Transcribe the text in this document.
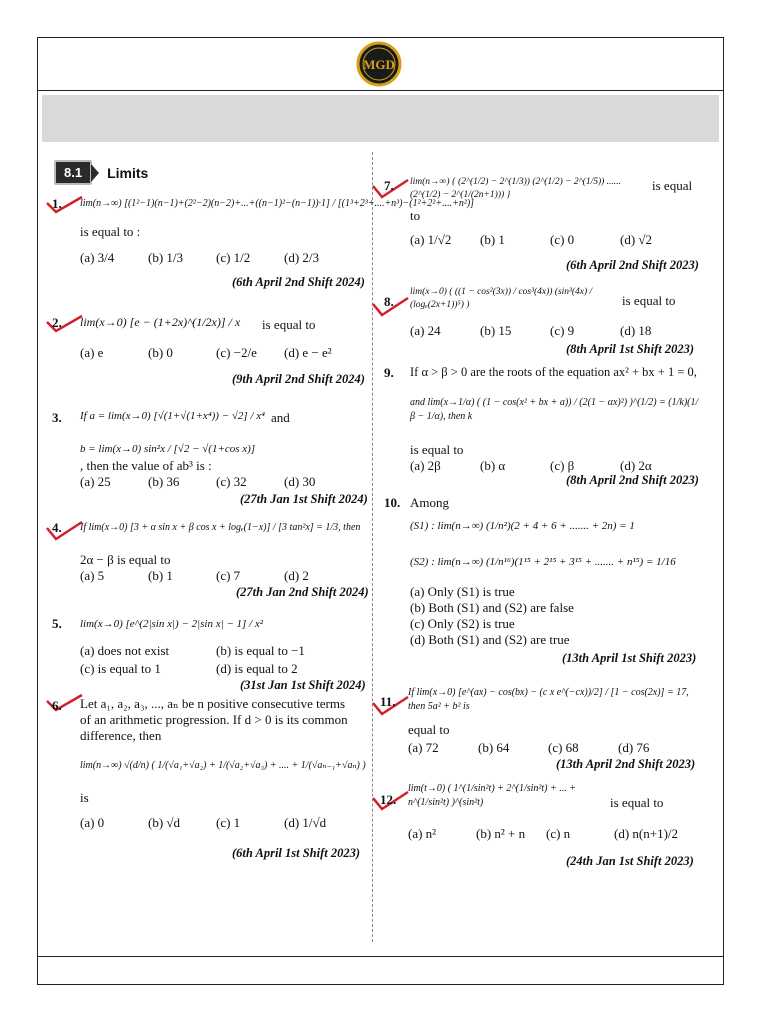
MGD
8.1	Limits
1. lim(n→∞) [(1²−1)(n−1)+(2²−2)(n−2)+...+((n−1)²−(n−1))·1] / [(1³+2³+....+n³)−(1²+2²+....+n²)]
is equal to :
(a) 3/4	(b) 1/3	(c) 1/2	(d) 2/3
(6th April 2nd Shift 2024)
2. lim(x→0) [e − (1+2x)^(1/2x)] / x is equal to
(a) e	(b) 0	(c) −2/e	(d) e − e²
(9th April 2nd Shift 2024)
3. If a = lim(x→0) [√(1+√(1+x⁴)) − √2] / x⁴ and
b = lim(x→0) sin²x / [√2 − √(1+cos x)]
, then the value of ab³ is :
(a) 25	(b) 36	(c) 32	(d) 30
(27th Jan 1st Shift 2024)
4. If lim(x→0) [3 + α sin x + β cos x + logₑ(1−x)] / [3 tan²x] = 1/3, then
2α − β is equal to
(a) 5	(b) 1	(c) 7	(d) 2
(27th Jan 2nd Shift 2024)
5. lim(x→0) [e^(2|sin x|) − 2|sin x| − 1] / x²
(a) does not exist	(b) is equal to −1
(c) is equal to 1	(d) is equal to 2
(31st Jan 1st Shift 2024)
6. Let a₁, a₂, a₃, ..., aₙ be n positive consecutive terms
of an arithmetic progression. If d > 0 is its common
difference, then
lim(n→∞) √(d/n) ( 1/(√a₁+√a₂) + 1/(√a₂+√a₃) + .... + 1/(√aₙ₋₁+√aₙ) )
is
(a) 0	(b) √d	(c) 1	(d) 1/√d
(6th April 1st Shift 2023)
7. lim(n→∞) { (2^(1/2) − 2^(1/3)) (2^(1/2) − 2^(1/5)) ...... (2^(1/2) − 2^(1/(2n+1))) }
is equal
to
(a) 1/√2	(b) 1	(c) 0	(d) √2
(6th April 2nd Shift 2023)
8.
lim(x→0) ( ((1 − cos²(3x)) / cos³(4x)) (sin³(4x) / (logₑ(2x+1))⁵) )	is equal to
(a) 24	(b) 15	(c) 9	(d) 18
(8th April 1st Shift 2023)
9. If α > β > 0 are the roots of the equation ax² + bx + 1 = 0,
and lim(x→1/α) ( (1 − cos(x² + bx + a)) / (2(1 − αx)²) )^(1/2) = (1/k)(1/β − 1/α), then k
is equal to
(a) 2β	(b) α	(c) β	(d) 2α
(8th April 2nd Shift 2023)
10. Among
(S1) : lim(n→∞) (1/n²)(2 + 4 + 6 + ....... + 2n) = 1
(S2) : lim(n→∞) (1/n¹⁶)(1¹⁵ + 2¹⁵ + 3¹⁵ + ....... + n¹⁵) = 1/16
(a) Only (S1) is true
(b) Both (S1) and (S2) are false
(c) Only (S2) is true
(d) Both (S1) and (S2) are true
(13th April 1st Shift 2023)
11.
If lim(x→0) [e^(ax) − cos(bx) − (c x e^(−cx))/2] / [1 − cos(2x)] = 17, then 5a² + b² is
equal to
(a) 72	(b) 64	(c) 68	(d) 76
(13th April 2nd Shift 2023)
12.
lim(t→0) ( 1^(1/sin²t) + 2^(1/sin²t) + ... + n^(1/sin²t) )^(sin²t)	is equal to
(a) n²	(b) n² + n	(c) n	(d) n(n+1)/2
(24th Jan 1st Shift 2023)
